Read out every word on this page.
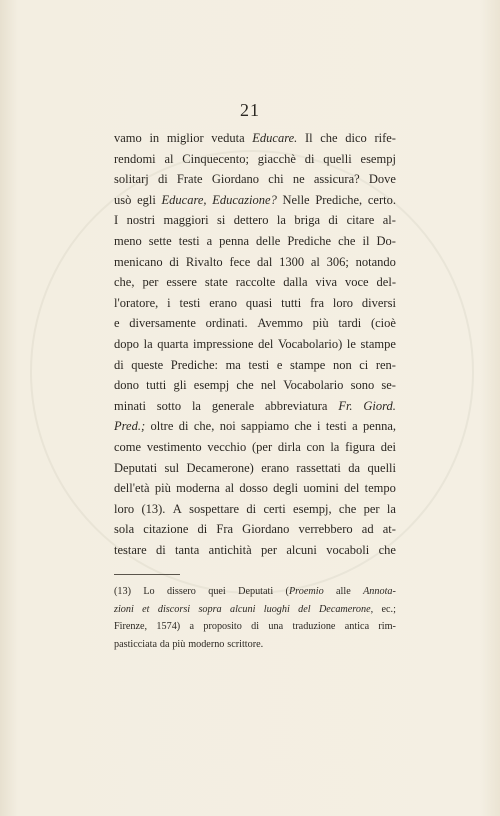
21
vamo in miglior veduta Educare. Il che dico rife-
rendomi al Cinquecento; giacchè di quelli esempj
solitarj di Frate Giordano chi ne assicura? Dove
usò egli Educare, Educazione? Nelle Prediche, certo.
I nostri maggiori si dettero la briga di citare al-
meno sette testi a penna delle Prediche che il Do-
menicano di Rivalto fece dal 1300 al 306; notando
che, per essere state raccolte dalla viva voce del-
l'oratore, i testi erano quasi tutti fra loro diversi
e diversamente ordinati. Avemmo più tardi (cioè
dopo la quarta impressione del Vocabolario) le stampe
di queste Prediche: ma testi e stampe non ci ren-
dono tutti gli esempj che nel Vocabolario sono se-
minati sotto la generale abbreviatura Fr. Giord.
Pred.; oltre di che, noi sappiamo che i testi a penna,
come vestimento vecchio (per dirla con la figura dei
Deputati sul Decamerone) erano rassettati da quelli
dell'età più moderna al dosso degli uomini del tempo
loro (13). A sospettare di certi esempj, che per la
sola citazione di Fra Giordano verrebbero ad at-
testare di tanta antichità per alcuni vocaboli che
(13) Lo dissero quei Deputati (Proemio alle Annota-
zioni et discorsi sopra alcuni luoghi del Decamerone, ec.;
Firenze, 1574) a proposito di una traduzione antica rim-
pasticciata da più moderno scrittore.
